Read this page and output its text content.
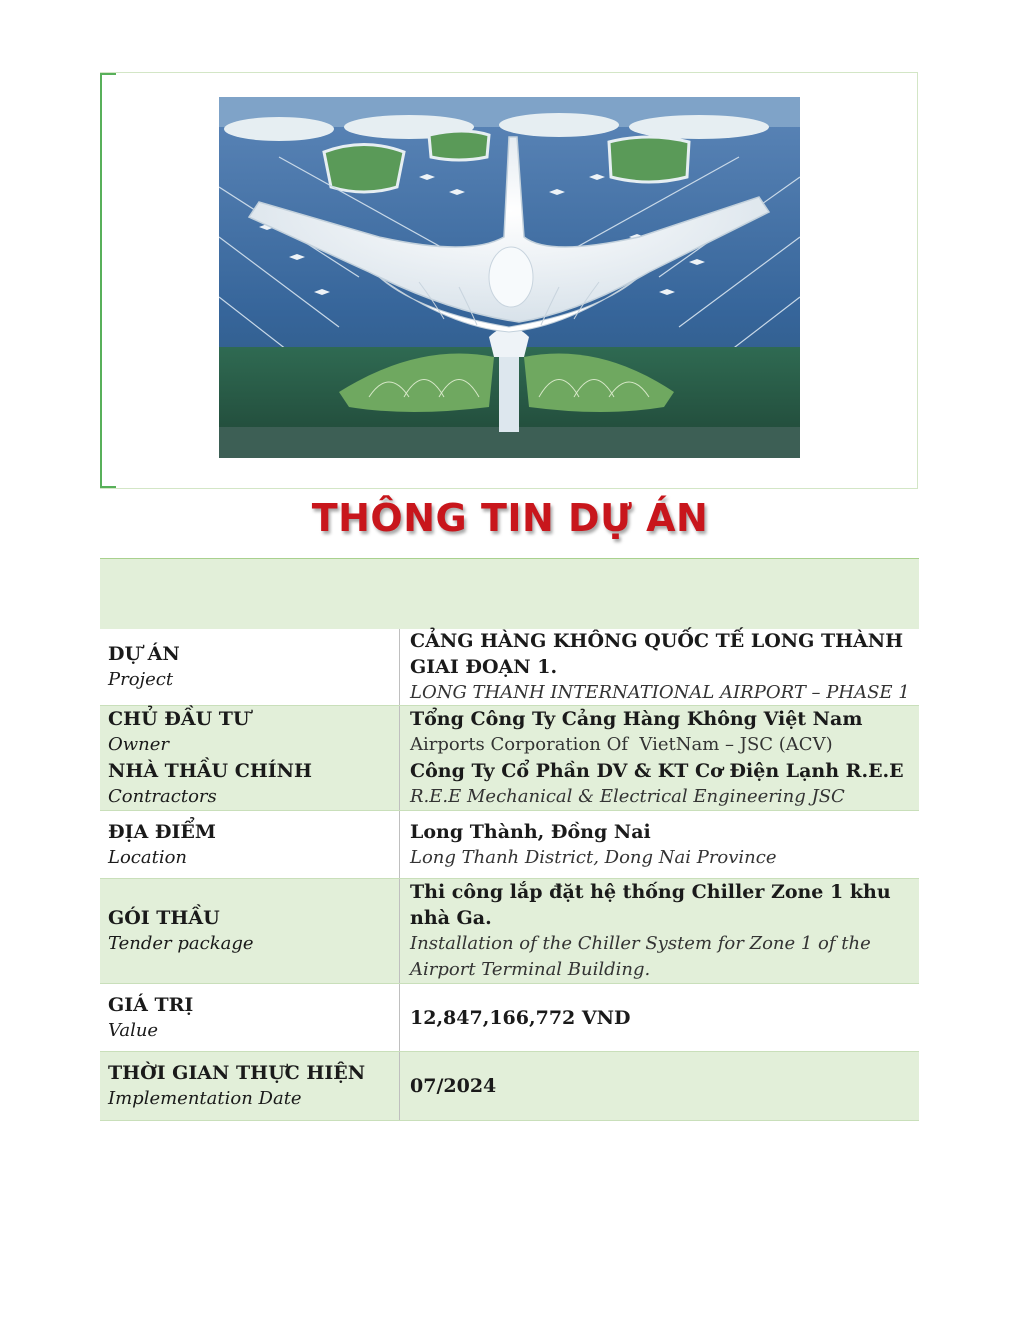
THÔNG TIN DỰ ÁN
DỰ ÁN
Project
CẢNG HÀNG KHÔNG QUỐC TẾ LONG THÀNH GIAI ĐOẠN 1.
LONG THANH INTERNATIONAL AIRPORT – PHASE 1
CHỦ ĐẦU TƯ
Owner
NHÀ THẦU CHÍNH
Contractors
Tổng Công Ty Cảng Hàng Không Việt Nam
Airports Corporation Of  VietNam – JSC (ACV)
Công Ty Cổ Phần DV & KT Cơ Điện Lạnh R.E.E
R.E.E Mechanical & Electrical Engineering JSC
ĐỊA ĐIỂM
Location
Long Thành, Đồng Nai
Long Thanh District, Dong Nai Province
GÓI THẦU
Tender package
Thi công lắp đặt hệ thống Chiller Zone 1 khu nhà Ga.
Installation of the Chiller System for Zone 1 of the Airport Terminal Building.
GIÁ TRỊ
Value
12,847,166,772 VND
THỜI GIAN THỰC HIỆN
Implementation Date
07/2024
